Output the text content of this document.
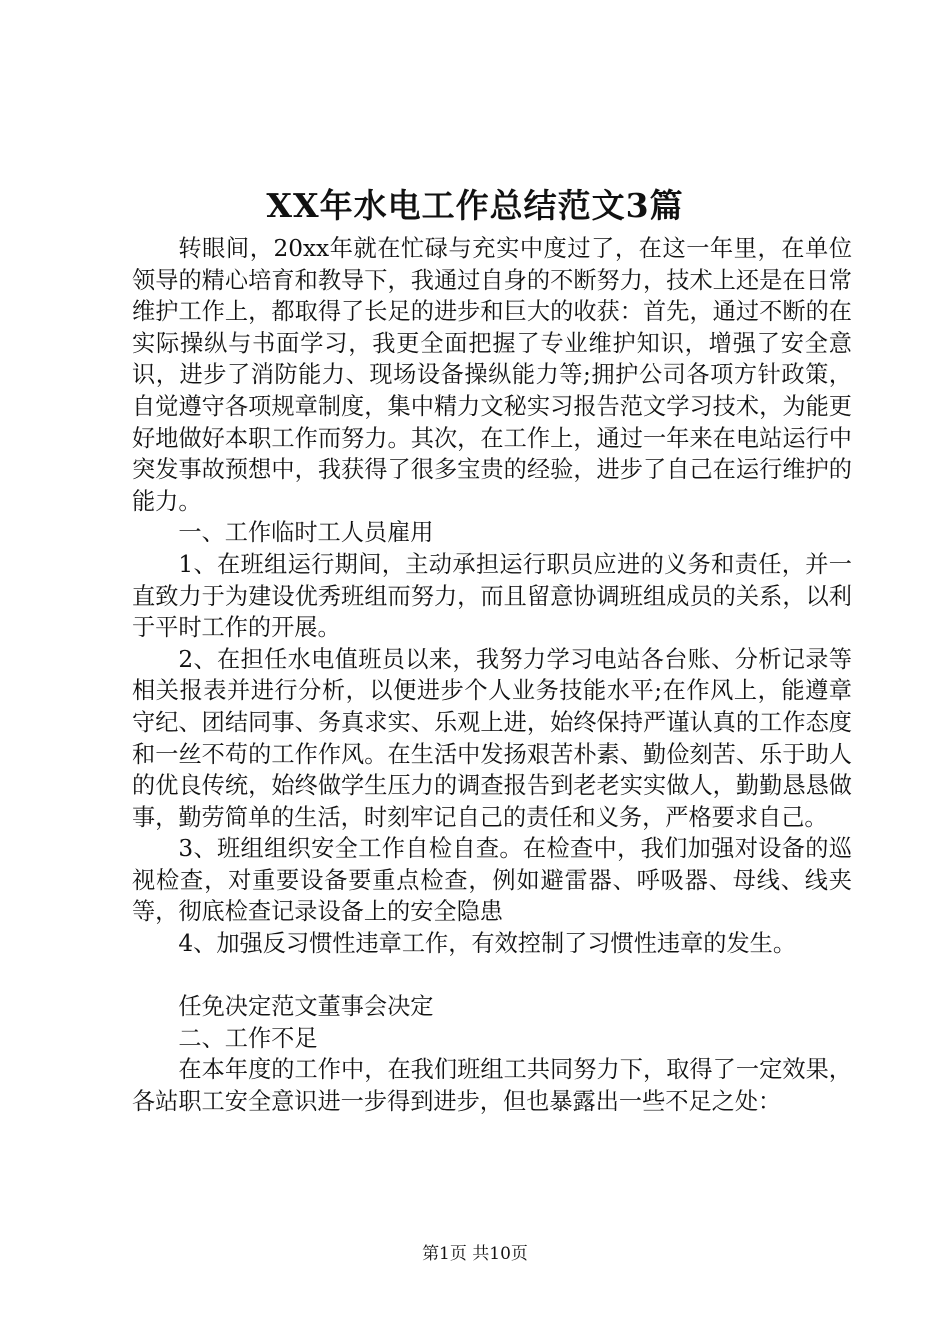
XX年水电工作总结范文3篇

转眼间，20xx年就在忙碌与充实中度过了，在这一年里，在单位领导的精心培育和教导下，我通过自身的不断努力，技术上还是在日常维护工作上，都取得了长足的进步和巨大的收获：首先，通过不断的在实际操纵与书面学习，我更全面把握了专业维护知识，增强了安全意识，进步了消防能力、现场设备操纵能力等;拥护公司各项方针政策，自觉遵守各项规章制度，集中精力文秘实习报告范文学习技术，为能更好地做好本职工作而努力。其次，在工作上，通过一年来在电站运行中突发事故预想中，我获得了很多宝贵的经验，进步了自己在运行维护的能力。

一、工作临时工人员雇用

1、在班组运行期间，主动承担运行职员应进的义务和责任，并一直致力于为建设优秀班组而努力，而且留意协调班组成员的关系，以利于平时工作的开展。

2、在担任水电值班员以来，我努力学习电站各台账、分析记录等相关报表并进行分析，以便进步个人业务技能水平;在作风上，能遵章守纪、团结同事、务真求实、乐观上进，始终保持严谨认真的工作态度和一丝不苟的工作作风。在生活中发扬艰苦朴素、勤俭刻苦、乐于助人的优良传统，始终做学生压力的调查报告到老老实实做人，勤勤恳恳做事，勤劳简单的生活，时刻牢记自己的责任和义务，严格要求自己。

3、班组组织安全工作自检自查。在检查中，我们加强对设备的巡视检查，对重要设备要重点检查，例如避雷器、呼吸器、母线、线夹等，彻底检查记录设备上的安全隐患

4、加强反习惯性违章工作，有效控制了习惯性违章的发生。

任免决定范文董事会决定

二、工作不足

在本年度的工作中，在我们班组工共同努力下，取得了一定效果，各站职工安全意识进一步得到进步，但也暴露出一些不足之处：

第1页 共10页
